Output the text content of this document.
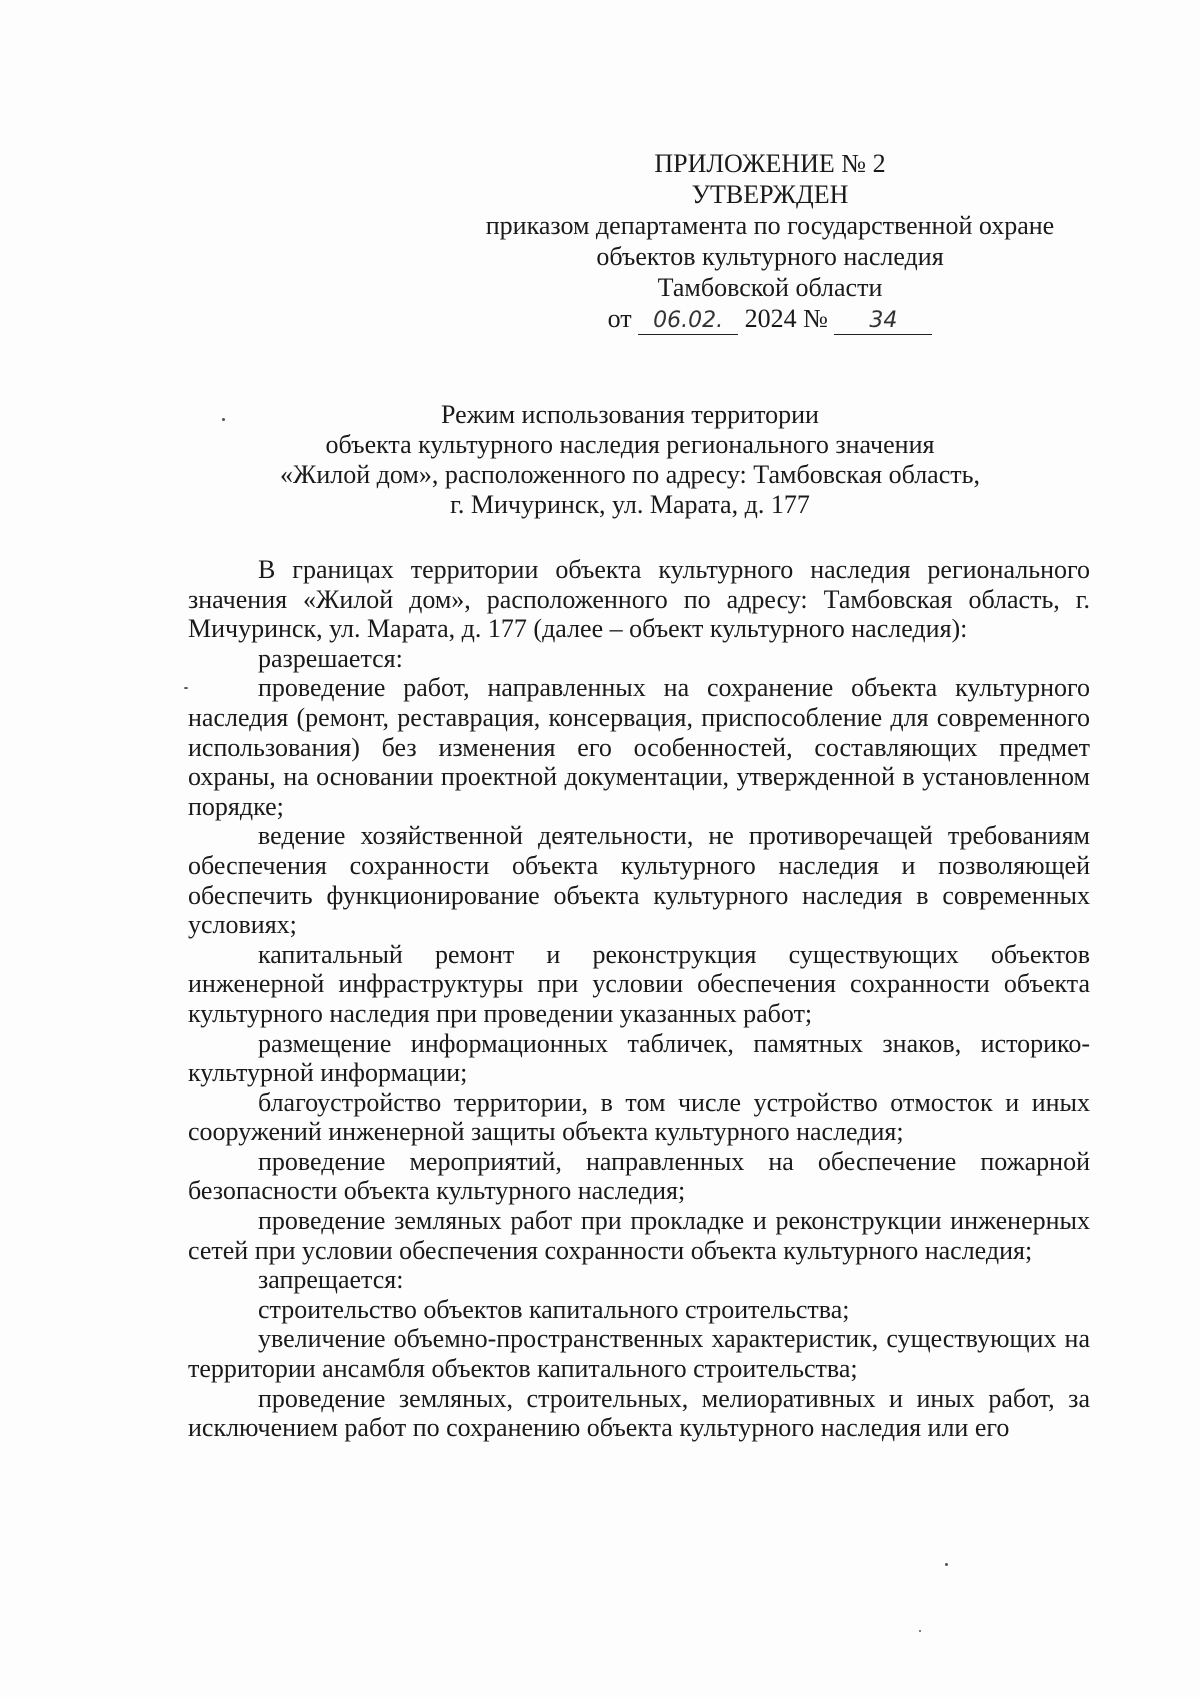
ПРИЛОЖЕНИЕ № 2
УТВЕРЖДЕН
приказом департамента по государственной охране
объектов культурного наследия
Тамбовской области
от 06.02. 2024 № 34
Режим использования территории
объекта культурного наследия регионального значения
«Жилой дом», расположенного по адресу: Тамбовская область,
г. Мичуринск, ул. Марата, д. 177

В границах территории объекта культурного наследия регионального значения «Жилой дом», расположенного по адресу: Тамбовская область, г. Мичуринск, ул. Марата, д. 177 (далее – объект культурного наследия):

разрешается:

проведение работ, направленных на сохранение объекта культурного наследия (ремонт, реставрация, консервация, приспособление для современного использования) без изменения его особенностей, составляющих предмет охраны, на основании проектной документации, утвержденной в установленном порядке;

ведение хозяйственной деятельности, не противоречащей требованиям обеспечения сохранности объекта культурного наследия и позволяющей обеспечить функционирование объекта культурного наследия в современных условиях;

капитальный ремонт и реконструкция существующих объектов инженерной инфраструктуры при условии обеспечения сохранности объекта культурного наследия при проведении указанных работ;

размещение информационных табличек, памятных знаков, историко-культурной информации;

благоустройство территории, в том числе устройство отмосток и иных сооружений инженерной защиты объекта культурного наследия;

проведение мероприятий, направленных на обеспечение пожарной безопасности объекта культурного наследия;

проведение земляных работ при прокладке и реконструкции инженерных сетей при условии обеспечения сохранности объекта культурного наследия;

запрещается:

строительство объектов капитального строительства;

увеличение объемно-пространственных характеристик, существующих на территории ансамбля объектов капитального строительства;

проведение земляных, строительных, мелиоративных и иных работ, за исключением работ по сохранению объекта культурного наследия или его
